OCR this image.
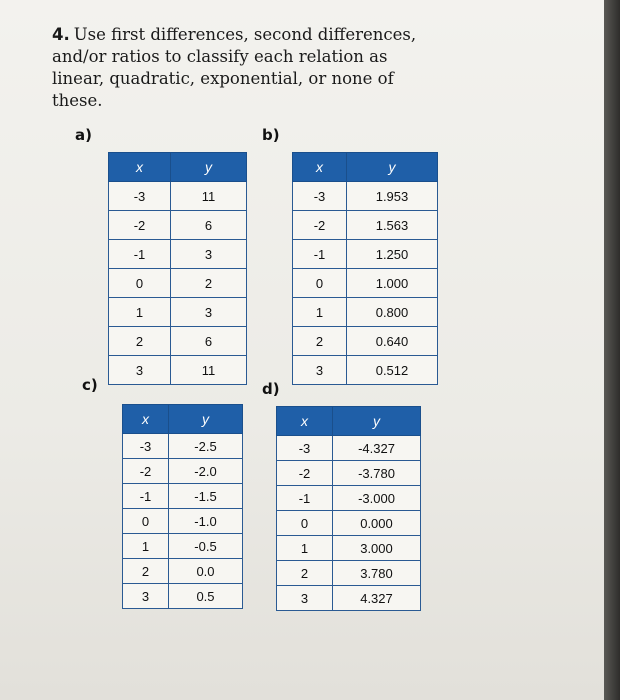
4. Use first differences, second differences, and/or ratios to classify each relation as linear, quadratic, exponential, or none of these.
a)
x	y
-3	11
-2	6
-1	3
0	2
1	3
2	6
3	11
b)
x	y
-3	1.953
-2	1.563
-1	1.250
0	1.000
1	0.800
2	0.640
3	0.512
c)
x	y
-3	-2.5
-2	-2.0
-1	-1.5
0	-1.0
1	-0.5
2	0.0
3	0.5
d)
x	y
-3	-4.327
-2	-3.780
-1	-3.000
0	0.000
1	3.000
2	3.780
3	4.327
